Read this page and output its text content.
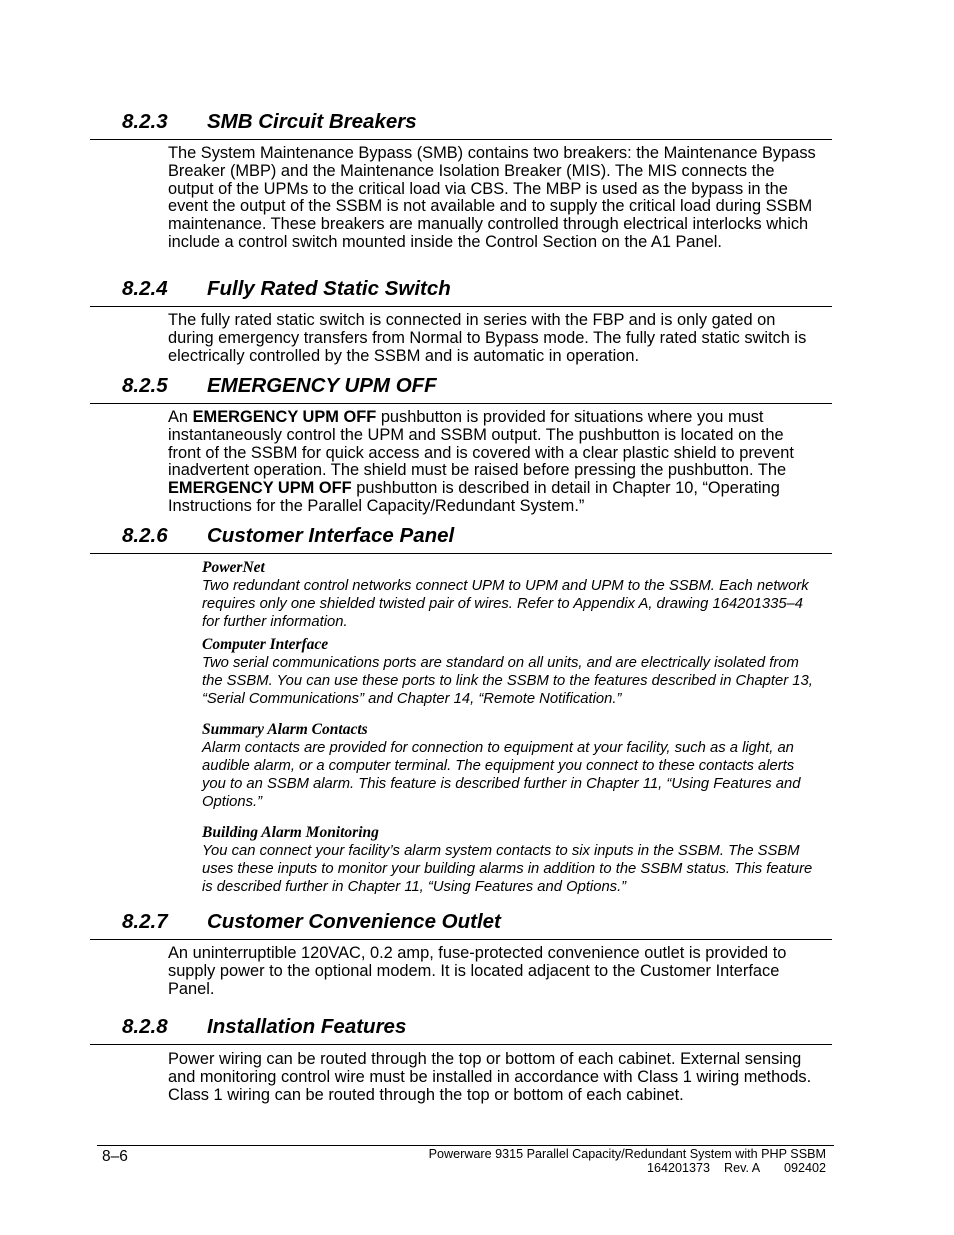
8.2.3 SMB Circuit Breakers
The System Maintenance Bypass (SMB) contains two breakers: the Maintenance Bypass Breaker (MBP) and the Maintenance Isolation Breaker (MIS). The MIS connects the output of the UPMs to the critical load via CBS. The MBP is used as the bypass in the event the output of the SSBM is not available and to supply the critical load during SSBM maintenance. These breakers are manually controlled through electrical interlocks which include a control switch mounted inside the Control Section on the A1 Panel.
8.2.4 Fully Rated Static Switch
The fully rated static switch is connected in series with the FBP and is only gated on during emergency transfers from Normal to Bypass mode. The fully rated static switch is electrically controlled by the SSBM and is automatic in operation.
8.2.5 EMERGENCY UPM OFF
An EMERGENCY UPM OFF pushbutton is provided for situations where you must instantaneously control the UPM and SSBM output. The pushbutton is located on the front of the SSBM for quick access and is covered with a clear plastic shield to prevent inadvertent operation. The shield must be raised before pressing the pushbutton. The EMERGENCY UPM OFF pushbutton is described in detail in Chapter 10, “Operating Instructions for the Parallel Capacity/Redundant System.”
8.2.6 Customer Interface Panel
PowerNet
Two redundant control networks connect UPM to UPM and UPM to the SSBM. Each network requires only one shielded twisted pair of wires. Refer to Appendix A, drawing 164201335–4 for further information.
Computer Interface
Two serial communications ports are standard on all units, and are electrically isolated from the SSBM. You can use these ports to link the SSBM to the features described in Chapter 13, “Serial Communications” and Chapter 14, “Remote Notification.”
Summary Alarm Contacts
Alarm contacts are provided for connection to equipment at your facility, such as a light, an audible alarm, or a computer terminal. The equipment you connect to these contacts alerts you to an SSBM alarm. This feature is described further in Chapter 11, “Using Features and Options.”
Building Alarm Monitoring
You can connect your facility’s alarm system contacts to six inputs in the SSBM. The SSBM uses these inputs to monitor your building alarms in addition to the SSBM status. This feature is described further in Chapter 11, “Using Features and Options.”
8.2.7 Customer Convenience Outlet
An uninterruptible 120VAC, 0.2 amp, fuse-protected convenience outlet is provided to supply power to the optional modem. It is located adjacent to the Customer Interface Panel.
8.2.8 Installation Features
Power wiring can be routed through the top or bottom of each cabinet. External sensing and monitoring control wire must be installed in accordance with Class 1 wiring methods. Class 1 wiring can be routed through the top or bottom of each cabinet.
8–6	Powerware 9315 Parallel Capacity/Redundant System with PHP SSBM
164201373    Rev. A       092402
